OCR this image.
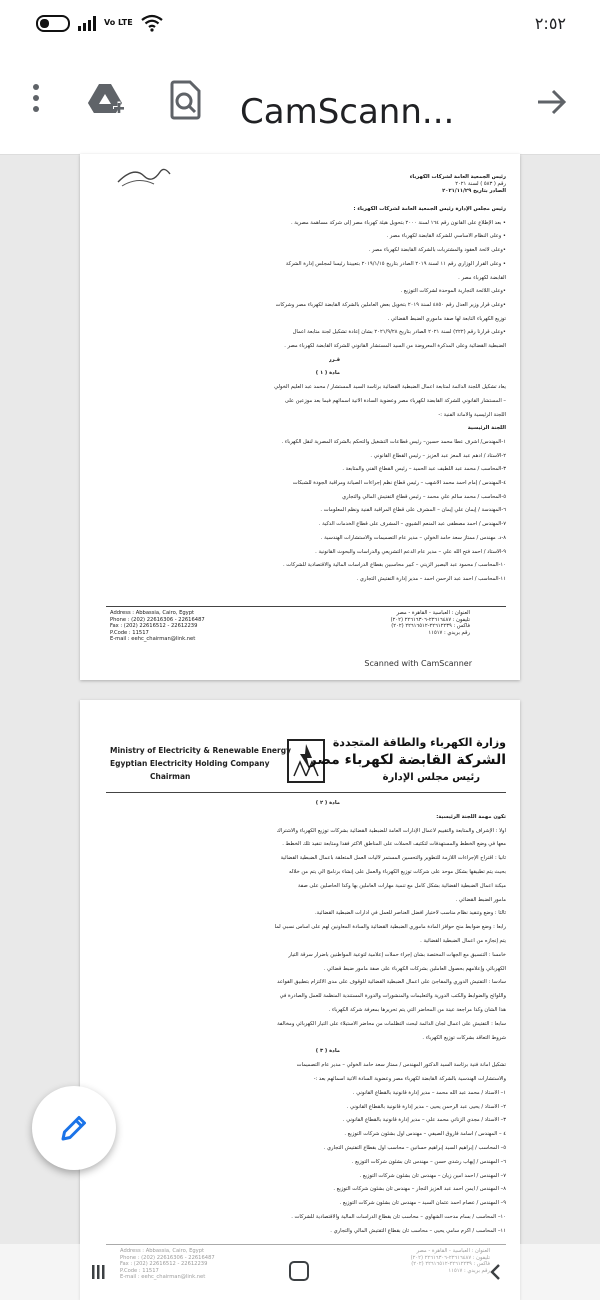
Vo LTE	٢:٥٢
CamScann...
رئيس الجمعية العامة لشركات الكهرباء
رقم ( ٥٨٣ ) لسنة ٢٠٢١
الصادر بتاريخ ٢٠٢١/١١/٢٩
رئيس مجلس الإدارة رئيس الجمعية العامة لشركات الكهرباء :
• بعد الإطلاع على القانون رقم ١٦٤ لسنة ٢٠٠٠ بتحويل هيئة كهرباء مصر إلى شركة مساهمة مصرية .
• وعلى النظام الأساسي للشركة القابضة لكهرباء مصر .
•وعلى لائحة العقود والمشتريات بالشركة القابضة لكهرباء مصر .
• وعلى القرار الوزاري رقم ١١ لسنة ٢٠١٩ الصادر بتاريخ ٢٠١٩/١/١٥ بتعييننا رئيساً لمجلس إدارة الشركة
القابضة لكهرباء مصر .
•وعلى اللائحة التجارية الموحدة لشركات التوزيع .
•وعلى قرار وزير العدل رقم ٤٨٥٠ لسنة ٢٠١٩ بتخويل بعض العاملين بالشركة القابضة لكهرباء مصر وشركات
توزيع الكهرباء التابعة لها صفة مأموري الضبط القضائي .
•وعلى قرارنا رقم (٢٢٢) لسنة ٢٠٢١ الصادر بتاريخ ٢٠٢١/٩/٢٨ بشأن إعادة تشكيل لجنة متابعة أعمال
الضبطية القضائية وعلى المذكرة المعروضة من السيد المستشار القانوني للشركة القابضة لكهرباء مصر .
قـرر
مادة ( ١ )
يعاد تشكيل اللجنة الدائمة لمتابعة أعمال الضبطية القضائية برئاسة السيد المستشار / محمد عبد العليم الخولي
– المستشار القانوني للشركة القابضة لكهرباء مصر وعضوية السادة الآتية أسمائهم فيما بعد موزعين على
اللجنة الرئيسية والأمانة الفنية :-
اللجنة الرئيسية
١-المهندس/ أشرف عطا محمد حسين– رئيس قطاعات التشغيل والتحكم بالشركة المصرية لنقل الكهرباء .
٢-الأستاذ / أدهم عبد المعز عبد العزيز – رئيس القطاع القانوني .
٣-المحاسب / محمد عبد اللطيف عبد الحميد – رئيس القطاع الفني والمتابعة .
٤-المهندس / إمام أحمد محمد الأشهب – رئيس قطاع نظم إجراءات الصيانة ومراقبة الجودة للشبكات
٥-المحاسب / محمد سالم علي محمد – رئيس قطاع التفتيش المالي والتجاري
٦-المهندسة / إيمان علي إيمان – المشرف على قطاع المراقبة الفنية ونظم المعلومات .
٧-المهندس / أحمد مصطفى عبد المنعم الشيوي – المشرف على قطاع الخدمات الذكية .
٨-د. مهندس / ممتاز سعد حامد الخولي – مدير عام التصميمات والاستشارات الهندسية .
٩-الأستاذ / أحمد فتح الله علي – مدير عام الدعم التشريعي والدراسات والبحوث القانونية .
١٠-المحاسب / محمود عبد البصير الزيني – كبير محاسبين بقطاع الدراسات المالية والاقتصادية للشركات .
١١-المحاسب / أحمد عبد الرحمن أحمد – مدير إدارة التفتيش التجاري .
Address : Abbassia, Cairo, Egypt
Phone : (202) 22616306 - 22616487
Fax : (202) 22616512 - 22612239
P.Code : 11517
E-mail : eehc_chairman@link.net
العنوان : العباسية - القاهرة - مصر
تليفون : ٢٢٦١٦٤٨٧-٢٢٦١٦٣٠٦ (٢٠٢)
فاكس : ٢٢٦١٢٢٣٩-٢٢٦١٦٥١٢ (٢٠٢)
رقم بريدي : ١١٥١٧
Scanned with CamScanner
Ministry of Electricity & Renewable Energy
Egyptian Electricity Holding Company
Chairman
وزارة الكهرباء والطاقة المتجددة
الشركة القابضة لكهرباء مصر
رئيس مجلس الإدارة
مادة ( ٢ )
تكون مهمة اللجنة الرئيسية:
أولاً : الإشراف والمتابعة والتقييم لأعمال الإدارات العامة للضبطية القضائية بشركات توزيع الكهرباء والاشتراك
معها في وضع الخطط والمستهدفات لتكثيف الحملات على المناطق الأكثر فقدا ومتابعة تنفيذ تلك الخطط .
ثانياً : اقتراح الإجراءات اللازمة للتطوير والتحسين المستمر لآليات العمل المتعلقة بأعمال الضبطية القضائية
بحيث يتم تطبيقها بشكل موحد على شركات توزيع الكهرباء والعمل على إنشاء برنامج آلي يتم من خلاله
ميكنة أعمال الضبطية القضائية بشكل كامل مع تنمية مهارات العاملين بها وكذا الحاصلين على صفة
مأمور الضبط القضائي .
ثالثاً : وضع وتنفيذ نظام مناسب لاختيار أفضل العناصر للعمل في ادارات الضبطية القضائية.
رابعاً : وضع ضوابط منح حوافز المادة مأموري الضبطية القضائية والسادة المعاونين لهم على أساس نسبي لما
يتم إنجازه من أعمال الضبطية القضائية .
خامساً : التنسيق مع الجهات المختصة بشأن إجراء حملات إعلامية لتوعية المواطنين بأضرار سرقة التيار
الكهربائي وإعلامهم بحصول العاملين بشركات الكهرباء على صفة مأمور ضبط قضائي .
سادساً : التفتيش الدوري والمفاجئ على أعمال الضبطية القضائية للوقوف على مدى الالتزام بتطبيق القواعد
واللوائح والضوابط والكتب الدورية والتعليمات والمنشورات والدورة المستندية المنظمة للعمل والصادرة في
هذا الشأن وكذا مراجعة عينة من المحاضر التي يتم تحريرها بمعرفة شركة الكهرباء .
سابعاً : التفتيش على أعمال لجان الدائمة لبحث التظلمات من محاضر الاستيلاء على التيار الكهربائي ومخالفة
شروط التعاقد بشركات توزيع الكهرباء .
مادة ( ٣ )
تشكيل أمانة فنية برئاسة السيد الدكتور المهندس / ممتاز سعد حامد الخولي – مدير عام التصميمات
والاستشارات الهندسية بالشركة القابضة لكهرباء مصر وعضوية السادة الآتية أسمائهم بعد :-
١– الأستاذ / محمد عبد الله محمد – مدير إدارة قانونية بالقطاع القانوني .
٢– الأستاذ / يحيى عبد الرحمن يحيى – مدير إدارة قانونية بالقطاع القانوني .
٣– الأستاذ / مجدي الزناتي محمد علي – مدير إدارة قانونية بالقطاع القانوني .
٤ – المهندس / أسامة فاروق الصيفي – مهندس أول بشئون شركات التوزيع .
٥– المحاسب / إبراهيم السيد إبراهيم حسانين – محاسب أول بقطاع التفتيش التجاري .
٦– المهندس / إيهاب رشدي حسن – مهندس ثان بشئون شركات التوزيع .
٧– المهندس / أحمد أمين زيان – مهندس ثان بشئون شركات التوزيع .
٨– المهندس / أيمن أحمد عبد العزيز النجار – مهندس ثان بشئون شركات التوزيع .
٩– المهندس / عصام أحمد عثمان السيد – مهندس ثان بشئون شركات التوزيع .
١٠– المحاسب / بسام مدحت الشهاوي – محاسب ثان بقطاع الدراسات المالية والاقتصادية للشركات .
١١– المحاسب / أكرم سامي يحيى – محاسب ثان بقطاع التفتيش المالي والتجاري .
